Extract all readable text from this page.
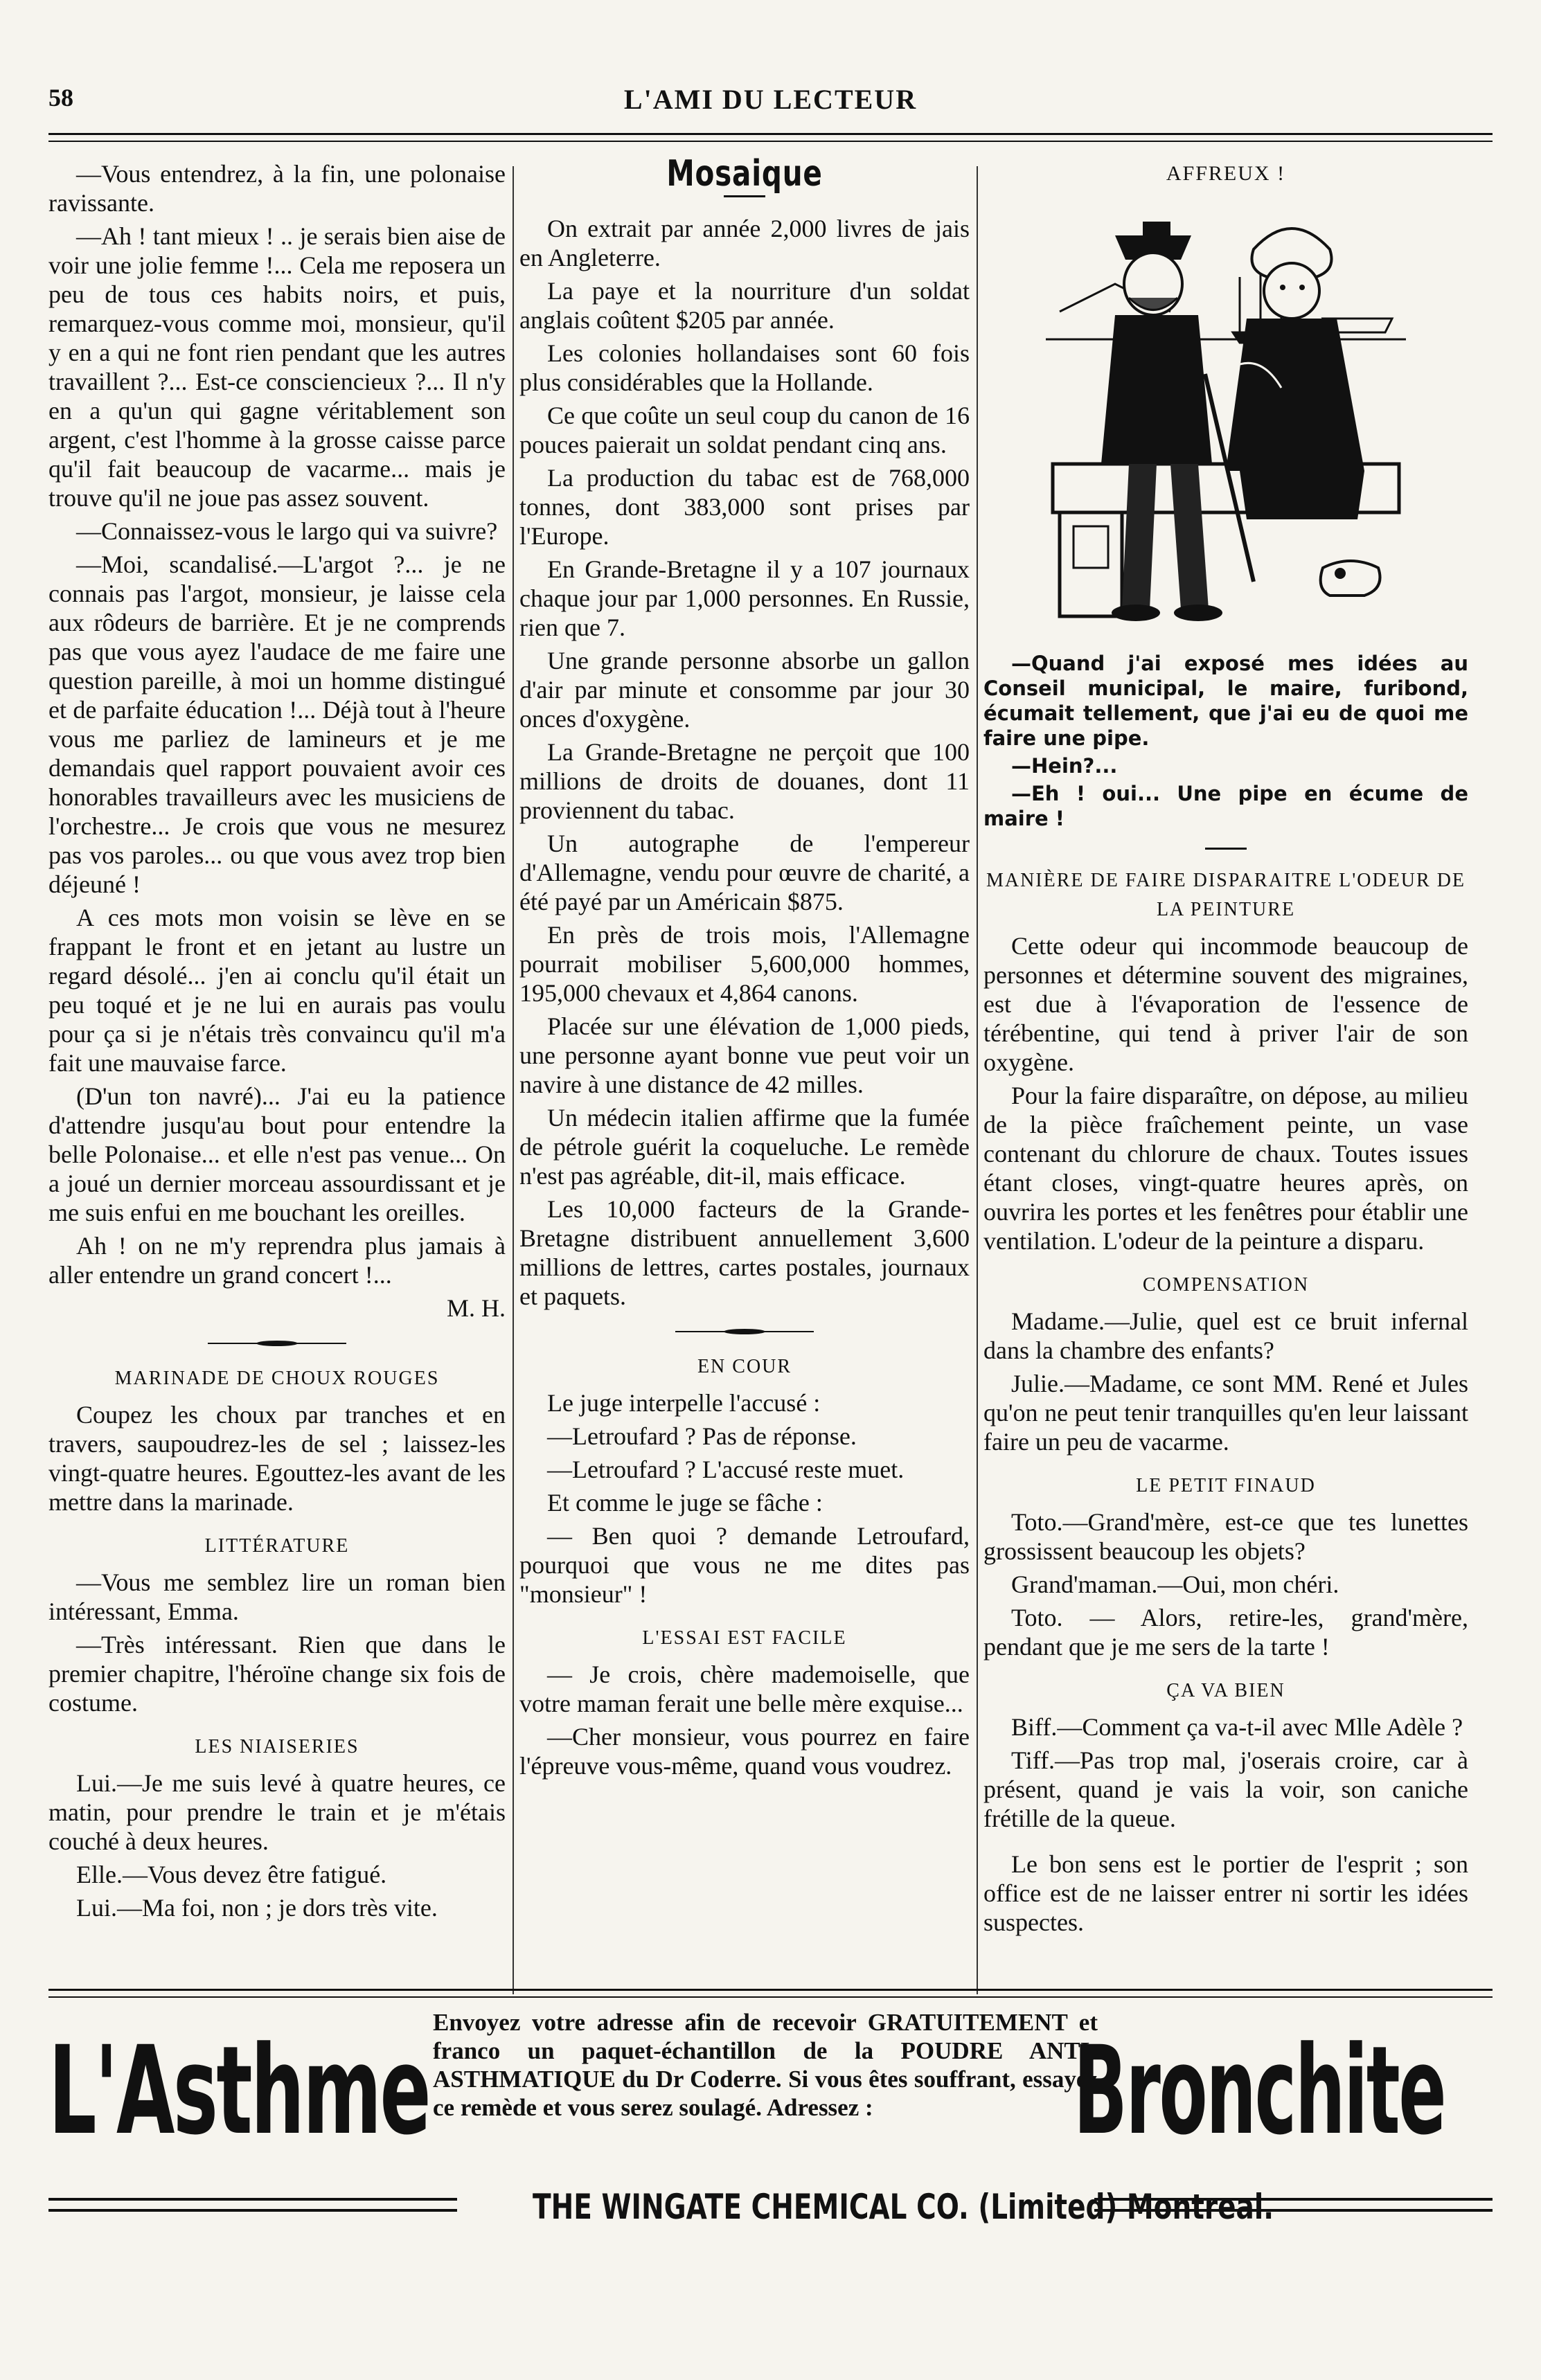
58	L'AMI DU LECTEUR

—Vous entendrez, à la fin, une polonaise ravissante.

—Ah ! tant mieux ! .. je serais bien aise de voir une jolie femme !... Cela me reposera un peu de tous ces habits noirs, et puis, remarquez-vous comme moi, monsieur, qu'il y en a qui ne font rien pendant que les autres travaillent ?... Est-ce consciencieux ?... Il n'y en a qu'un qui gagne véritablement son argent, c'est l'homme à la grosse caisse parce qu'il fait beaucoup de vacarme... mais je trouve qu'il ne joue pas assez souvent.

—Connaissez-vous le largo qui va suivre?

—Moi, scandalisé.—L'argot ?... je ne connais pas l'argot, monsieur, je laisse cela aux rôdeurs de barrière. Et je ne comprends pas que vous ayez l'audace de me faire une question pareille, à moi un homme distingué et de parfaite éducation !... Déjà tout à l'heure vous me parliez de lamineurs et je me demandais quel rapport pouvaient avoir ces honorables travailleurs avec les musiciens de l'orchestre... Je crois que vous ne mesurez pas vos paroles... ou que vous avez trop bien déjeuné !

A ces mots mon voisin se lève en se frappant le front et en jetant au lustre un regard désolé... j'en ai conclu qu'il était un peu toqué et je ne lui en aurais pas voulu pour ça si je n'étais très convaincu qu'il m'a fait une mauvaise farce.

(D'un ton navré)... J'ai eu la patience d'attendre jusqu'au bout pour entendre la belle Polonaise... et elle n'est pas venue... On a joué un dernier morceau assourdissant et je me suis enfui en me bouchant les oreilles.

Ah ! on ne m'y reprendra plus jamais à aller entendre un grand concert !...

M. H.

MARINADE DE CHOUX ROUGES

Coupez les choux par tranches et en travers, saupoudrez-les de sel ; laissez-les vingt-quatre heures. Egouttez-les avant de les mettre dans la marinade.

LITTÉRATURE

—Vous me semblez lire un roman bien intéressant, Emma.

—Très intéressant. Rien que dans le premier chapitre, l'héroïne change six fois de costume.

LES NIAISERIES

Lui.—Je me suis levé à quatre heures, ce matin, pour prendre le train et je m'étais couché à deux heures.

Elle.—Vous devez être fatigué.

Lui.—Ma foi, non ; je dors très vite.

Mosaique

On extrait par année 2,000 livres de jais en Angleterre.

La paye et la nourriture d'un soldat anglais coûtent $205 par année.

Les colonies hollandaises sont 60 fois plus considérables que la Hollande.

Ce que coûte un seul coup du canon de 16 pouces paierait un soldat pendant cinq ans.

La production du tabac est de 768,000 tonnes, dont 383,000 sont prises par l'Europe.

En Grande-Bretagne il y a 107 journaux chaque jour par 1,000 personnes. En Russie, rien que 7.

Une grande personne absorbe un gallon d'air par minute et consomme par jour 30 onces d'oxygène.

La Grande-Bretagne ne perçoit que 100 millions de droits de douanes, dont 11 proviennent du tabac.

Un autographe de l'empereur d'Allemagne, vendu pour œuvre de charité, a été payé par un Américain $875.

En près de trois mois, l'Allemagne pourrait mobiliser 5,600,000 hommes, 195,000 chevaux et 4,864 canons.

Placée sur une élévation de 1,000 pieds, une personne ayant bonne vue peut voir un navire à une distance de 42 milles.

Un médecin italien affirme que la fumée de pétrole guérit la coqueluche. Le remède n'est pas agréable, dit-il, mais efficace.

Les 10,000 facteurs de la Grande-Bretagne distribuent annuellement 3,600 millions de lettres, cartes postales, journaux et paquets.

EN COUR

Le juge interpelle l'accusé :

—Letroufard ? Pas de réponse.

—Letroufard ? L'accusé reste muet.

Et comme le juge se fâche :

— Ben quoi ? demande Letroufard, pourquoi que vous ne me dites pas "monsieur" !

L'ESSAI EST FACILE

— Je crois, chère mademoiselle, que votre maman ferait une belle mère exquise...

—Cher monsieur, vous pourrez en faire l'épreuve vous-même, quand vous voudrez.

AFFREUX !

—Quand j'ai exposé mes idées au Conseil municipal, le maire, furibond, écumait tellement, que j'ai eu de quoi me faire une pipe.

—Hein?...

—Eh ! oui... Une pipe en écume de maire !

MANIÈRE DE FAIRE DISPARAITRE L'ODEUR DE LA PEINTURE

Cette odeur qui incommode beaucoup de personnes et détermine souvent des migraines, est due à l'évaporation de l'essence de térébentine, qui tend à priver l'air de son oxygène.

Pour la faire disparaître, on dépose, au milieu de la pièce fraîchement peinte, un vase contenant du chlorure de chaux. Toutes issues étant closes, vingt-quatre heures après, on ouvrira les portes et les fenêtres pour établir une ventilation. L'odeur de la peinture a disparu.

COMPENSATION

Madame.—Julie, quel est ce bruit infernal dans la chambre des enfants?

Julie.—Madame, ce sont MM. René et Jules qu'on ne peut tenir tranquilles qu'en leur laissant faire un peu de vacarme.

LE PETIT FINAUD

Toto.—Grand'mère, est-ce que tes lunettes grossissent beaucoup les objets?

Grand'maman.—Oui, mon chéri.

Toto. — Alors, retire-les, grand'mère, pendant que je me sers de la tarte !

ÇA VA BIEN

Biff.—Comment ça va-t-il avec Mlle Adèle ?

Tiff.—Pas trop mal, j'oserais croire, car à présent, quand je vais la voir, son caniche frétille de la queue.

Le bon sens est le portier de l'esprit ; son office est de ne laisser entrer ni sortir les idées suspectes.

L'Asthme Envoyez votre adresse afin de recevoir GRATUITEMENT et franco un paquet-échantillon de la POUDRE ANTI-ASTHMATIQUE du Dr Coderre. Si vous êtes souffrant, essayez ce remède et vous serez soulagé. Adressez :	Bronchite
THE WINGATE CHEMICAL CO. (Limited) Montreal.
